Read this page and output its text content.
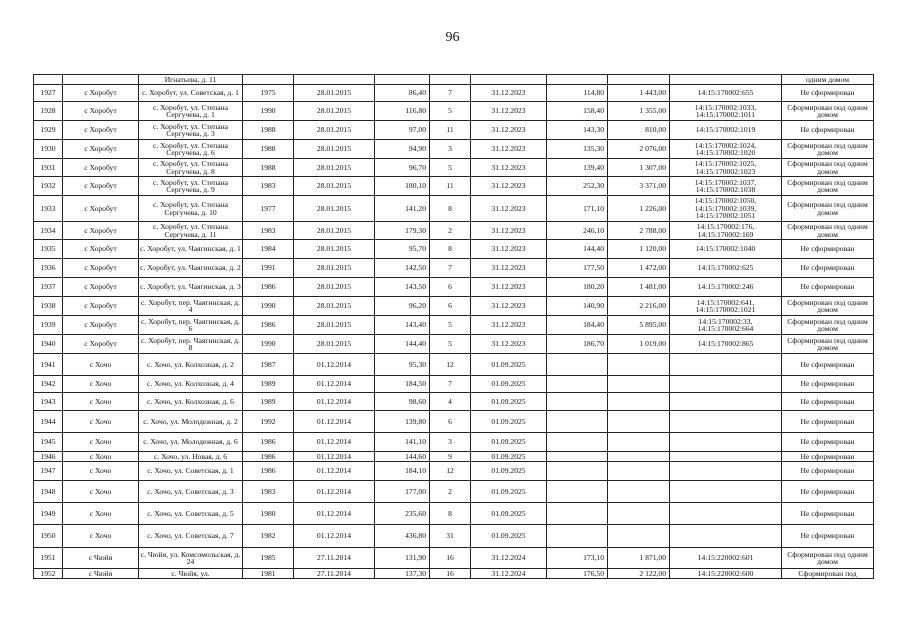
96
		Игнатьева, д. 11									одним домом
1927	с Хоробут	с. Хоробут, ул. Советская, д. 1	1975	28.01.2015	86,40	7	31.12.2023	114,80	1 443,00	14:15:170002:655	Не сформирован
1928	с Хоробут	с. Хоробут, ул. Степана Сергучева, д. 1	1990	28.01.2015	116,80	5	31.12.2023	158,40	1 355,00	14:15:170002:1033, 14:15:170002:1011	Сформирован под одним домом
1929	с Хоробут	с. Хоробут, ул. Степана Сергучева, д. 3	1988	28.01.2015	97,00	11	31.12.2023	143,30	810,00	14:15:170002:1019	Не сформирован
1930	с Хоробут	с. Хоробут, ул. Степана Сергучева, д. 6	1988	28.01.2015	94,90	3	31.12.2023	135,30	2 076,00	14:15:170002:1024, 14:15:170002:1020	Сформирован под одним домом
1931	с Хоробут	с. Хоробут, ул. Степана Сергучева, д. 8	1988	28.01.2015	96,70	5	31.12.2023	139,40	1 307,00	14:15:170002:1025, 14:15:170002:1023	Сформирован под одним домом
1932	с Хоробут	с. Хоробут, ул. Степана Сергучева, д. 9	1983	28.01.2015	180,10	11	31.12.2023	252,30	3 371,00	14:15:170002:1037, 14:15:170002:1038	Сформирован под одним домом
1933	с Хоробут	с. Хоробут, ул. Степана Сергучева, д. 10	1977	28.01.2015	141,20	8	31.12.2023	171,10	1 226,00	14:15:170002:1050, 14:15:170002:1039, 14:15:170002:1051	Сформирован под одним домом
1934	с Хоробут	с. Хоробут, ул. Степана Сергучева, д. 11	1983	28.01.2015	179,30	2	31.12.2023	246,10	2 788,00	14:15:170002:176, 14:15:170002:169	Сформирован под одним домом
1935	с Хоробут	с. Хоробут, ул. Чаягинская, д. 1	1984	28.01.2015	95,70	8	31.12.2023	144,40	1 120,00	14:15:170002:1040	Не сформирован
1936	с Хоробут	с. Хоробут, ул. Чаягинская, д. 2	1991	28.01.2015	142,50	7	31.12.2023	177,50	1 472,00	14:15:170002:625	Не сформирован
1937	с Хоробут	с. Хоробут, ул. Чаягинская, д. 3	1986	28.01.2015	143,50	6	31.12.2023	180,20	1 481,00	14:15:170002:246	Не сформирован
1938	с Хоробут	с. Хоробут, пер. Чаягинская, д. 4	1990	28.01.2015	96,20	6	31.12.2023	140,90	2 216,00	14:15:170002:641, 14:15:170002:1021	Сформирован под одним домом
1939	с Хоробут	с. Хоробут, пер. Чаягинская, д. 6	1986	28.01.2015	143,40	5	31.12.2023	184,40	5 895,00	14:15:170002:33, 14:15:170002:664	Сформирован под одним домом
1940	с Хоробут	с. Хоробут, пер. Чаягинская, д. 8	1990	28.01.2015	144,40	5	31.12.2023	186,70	1 019,00	14:15:170002:865	Сформирован под одним домом
1941	с Хочо	с. Хочо, ул. Колхозная, д. 2	1987	01.12.2014	95,30	12	01.09.2025				Не сформирован
1942	с Хочо	с. Хочо, ул. Колхозная, д. 4	1989	01.12.2014	184,50	7	01.09.2025				Не сформирован
1943	с Хочо	с. Хочо, ул. Колхозная, д. 6	1989	01.12.2014	98,60	4	01.09.2025				Не сформирован
1944	с Хочо	с. Хочо, ул. Молодежная, д. 2	1992	01.12.2014	139,80	6	01.09.2025				Не сформирован
1945	с Хочо	с. Хочо, ул. Молодежная, д. 6	1986	01.12.2014	141,10	3	01.09.2025				Не сформирован
1946	с Хочо	с. Хочо, ул. Новая, д. 6	1986	01.12.2014	144,60	9	01.09.2025				Не сформирован
1947	с Хочо	с. Хочо, ул. Советская, д. 1	1986	01.12.2014	184,10	12	01.09.2025				Не сформирован
1948	с Хочо	с. Хочо, ул. Советская, д. 3	1983	01.12.2014	177,00	2	01.09.2025				Не сформирован
1949	с Хочо	с. Хочо, ул. Советская, д. 5	1980	01.12.2014	235,60	8	01.09.2025				Не сформирован
1950	с Хочо	с. Хочо, ул. Советская, д. 7	1982	01.12.2014	436,80	31	01.09.2025				Не сформирован
1951	с Чюйя	с. Чюйя, ул. Комсомольская, д. 24	1985	27.11.2014	131,90	16	31.12.2024	173,10	1 871,00	14:15:220002:601	Сформирован под одним домом
1952	с Чюйя	с. Чюйя, ул.	1981	27.11.2014	137,30	16	31.12.2024	176,50	2 122,00	14:15:220002:600	Сформирован под
